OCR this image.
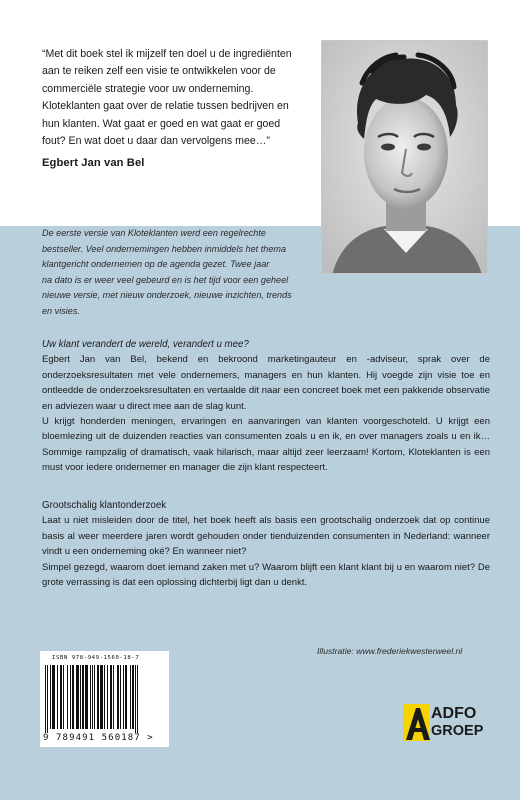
“Met dit boek stel ik mijzelf ten doel u de ingrediënten
aan te reiken zelf een visie te ontwikkelen voor de
commerciële strategie voor uw onderneming.
Kloteklanten gaat over de relatie tussen bedrijven en
hun klanten. Wat gaat er goed en wat gaat er goed
fout? En wat doet u daar dan vervolgens mee…”

Egbert Jan van Bel

De eerste versie van Kloteklanten werd een regelrechte
bestseller. Veel ondernemingen hebben inmiddels het thema
klantgericht ondernemen op de agenda gezet. Twee jaar
na dato is er weer veel gebeurd en is het tijd voor een geheel
nieuwe versie, met nieuw onderzoek, nieuwe inzichten, trends
en visies.

Uw klant verandert de wereld, verandert u mee?

Egbert Jan van Bel, bekend en bekroond marketingauteur en -adviseur, sprak over de onderzoeksresultaten met vele ondernemers, managers en hun klanten. Hij voegde zijn visie toe en ontleedde de onderzoeksresultaten en vertaalde dit naar een concreet boek met een pakkende observatie en adviezen waar u direct mee aan de slag kunt.

U krijgt honderden meningen, ervaringen en aanvaringen van klanten voorgeschoteld. U krijgt een bloemlezing uit de duizenden reacties van consumenten zoals u en ik, en over managers zoals u en ik… Sommige rampzalig of dramatisch, vaak hilarisch, maar altijd zeer leerzaam! Kortom, Kloteklanten is een must voor iedere ondernemer en manager die zijn klant respecteert.

Grootschalig klantonderzoek

Laat u niet misleiden door de titel, het boek heeft als basis een grootschalig onderzoek dat op continue basis al weer meerdere jaren wordt gehouden onder tienduizenden consumenten in Nederland: wanneer vindt u een onderneming oké? En wanneer niet?

Simpel gezegd, waarom doet iemand zaken met u? Waarom blijft een klant klant bij u en waarom niet? De grote verrassing is dat een oplossing dichterbij ligt dan u denkt.

Illustratie: www.frederiekwesterweel.nl

ISBN 978-949-1560-18-7

9 789491 560187 >

ADFO

GROEP
